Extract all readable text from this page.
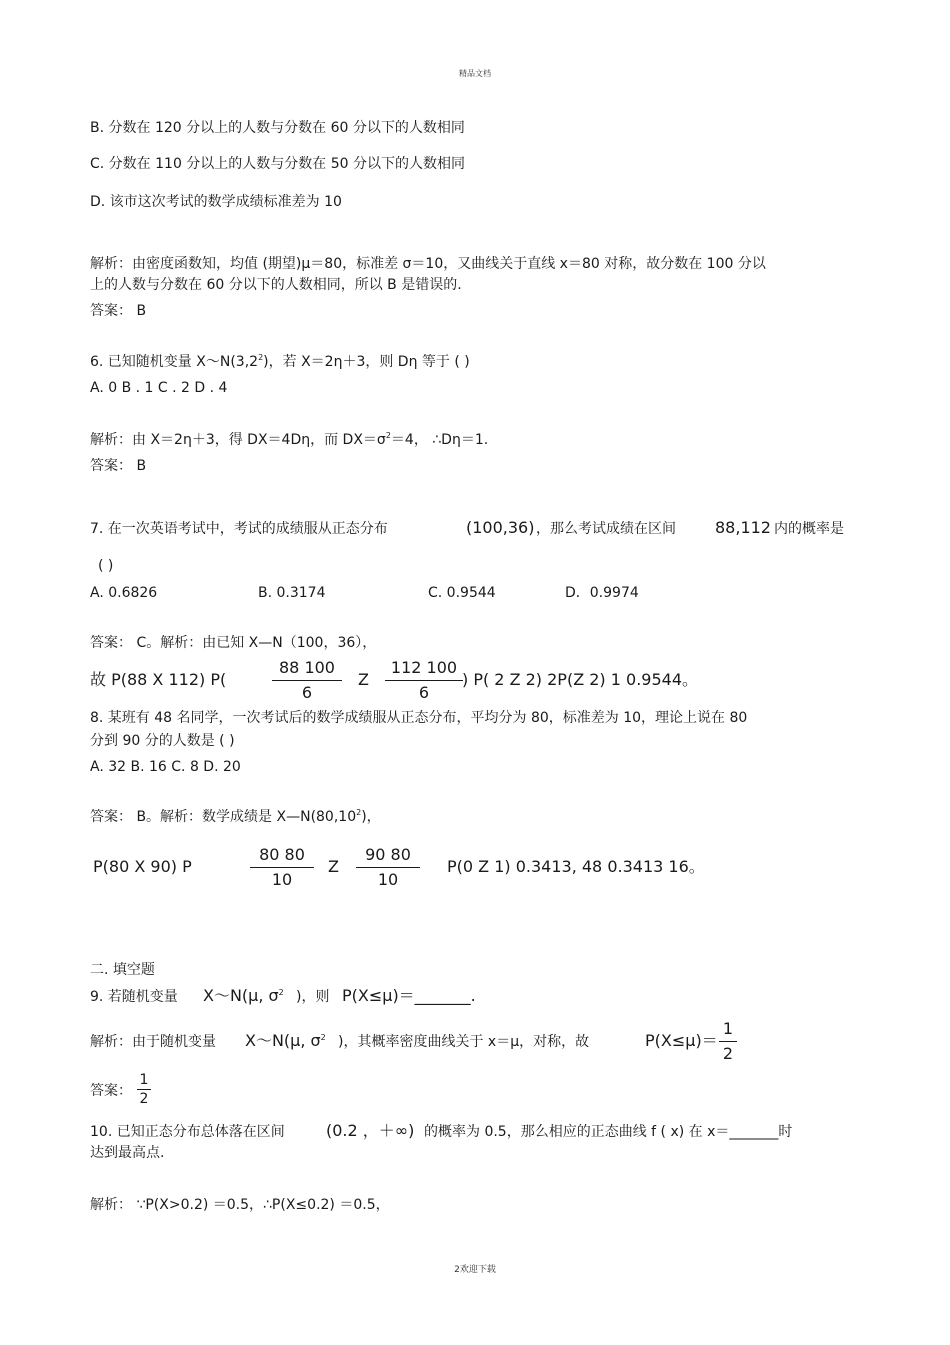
精品文档
B. 分数在 120 分以上的人数与分数在 60 分以下的人数相同
C. 分数在 110 分以上的人数与分数在 50 分以下的人数相同
D. 该市这次考试的数学成绩标准差为 10
解析：由密度函数知，均值 (期望)μ＝80，标准差 σ＝10，又曲线关于直线 x＝80 对称，故分数在 100 分以
上的人数与分数在 60 分以下的人数相同，所以 B 是错误的.
答案： B
6. 已知随机变量 $X\sim N(3,2^2)$，若 X＝2η＋3，则 Dη 等于 ( )
A. 0 B . 1 C . 2 D . 4
解析：由 X＝2η＋3，得 DX＝4Dη，而 $DX=\sigma^2=4$， ∴Dη＝1.
答案： B
7. 在一次英语考试中，考试的成绩服从正态分布	(100,36) ，那么考试成绩在区间 88,112 内的概率是
( )
A. 0.6826	B. 0.3174	C. 0.9544	D．0.9974
答案： C。解析：由已知 X—N（100，36），
故 P(88 X 112) P(
88 100
6
Z
112 100
6
) P( 2 Z 2) 2P(Z 2) 1 0.9544。
8. 某班有 48 名同学，一次考试后的数学成绩服从正态分布，平均分为 80，标准差为 10，理论上说在 80
分到 90 分的人数是 ( )
A. 32 B. 16 C. 8 D. 20
答案： B。解析：数学成绩是 X—N(80,10$^2$)，
P(80 X 90) P
80 80
10
Z
90 80
10
P(0 Z 1) 0.3413, 48 0.3413 16。
二. 填空题
9. 若随机变量 X～N(μ, $\sigma^2$ )，则 P(X≤μ)＝_______.
解析：由于随机变量 X～N(μ, $\sigma^2$ )，其概率密度曲线关于 x＝μ，对称，故	P(X≤μ)＝
1
2
答案：
1
2
10. 已知正态分布总体落在区间	(0.2 ，＋∞) 的概率为 0.5，那么相应的正态曲线 f ( x) 在 x＝_______时
达到最高点.
解析： ∵P(X>0.2) ＝0.5，∴P(X≤0.2) ＝0.5，
2欢迎下载
